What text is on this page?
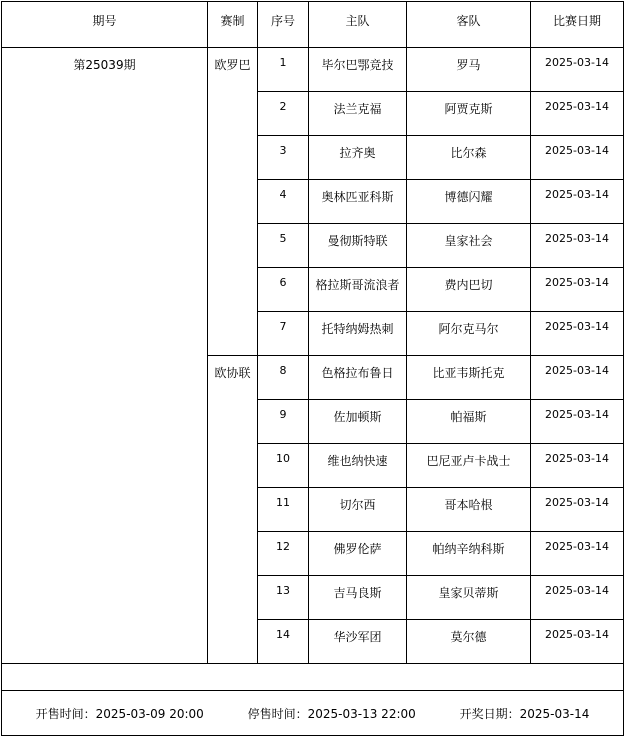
期号	赛制	序号	主队	客队	比赛日期
第25039期	欧罗巴	1	毕尔巴鄂竞技	罗马	2025-03-14
		2	法兰克福	阿贾克斯	2025-03-14
		3	拉齐奥	比尔森	2025-03-14
		4	奥林匹亚科斯	博德闪耀	2025-03-14
		5	曼彻斯特联	皇家社会	2025-03-14
		6	格拉斯哥流浪者	费内巴切	2025-03-14
		7	托特纳姆热刺	阿尔克马尔	2025-03-14
	欧协联	8	色格拉布鲁日	比亚韦斯托克	2025-03-14
		9	佐加顿斯	帕福斯	2025-03-14
		10	维也纳快速	巴尼亚卢卡战士	2025-03-14
		11	切尔西	哥本哈根	2025-03-14
		12	佛罗伦萨	帕纳辛纳科斯	2025-03-14
		13	吉马良斯	皇家贝蒂斯	2025-03-14
		14	华沙军团	莫尔德	2025-03-14

开售时间：2025-03-09 20:00 停售时间：2025-03-13 22:00 开奖日期：2025-03-14					
